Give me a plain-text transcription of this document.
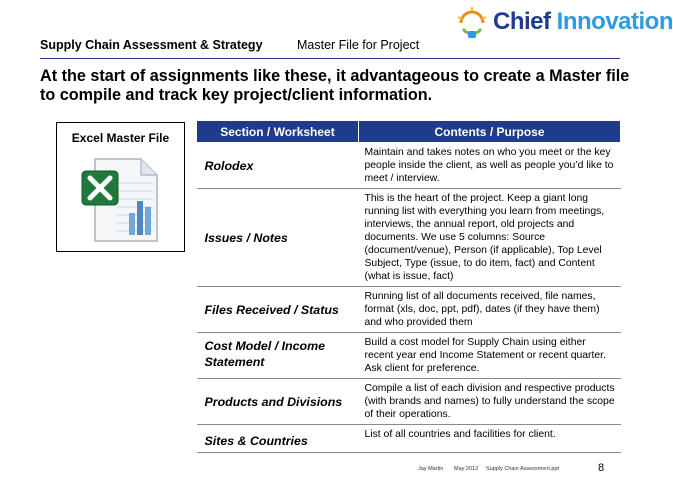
Supply Chain Assessment & Strategy	Master File for Project
Chief Innovation
At the start of assignments like these, it advantageous to create a Master file to compile and track key project/client information.
Excel Master File	Section / Worksheet	Contents / Purpose
Rolodex	Maintain and takes notes on who you meet or the key people inside the client, as well as people you’d like to meet / interview.
Issues / Notes	This is the heart of the project. Keep a giant long running list with everything you learn from meetings, interviews, the annual report, old projects and documents. We use 5 columns: Source (document/venue), Person (if applicable), Top Level Subject, Type (issue, to do item, fact) and Content (what is issue, fact)
Files Received / Status	Running list of all documents received, file names, format (xls, doc, ppt, pdf), dates (if they have them) and who provided them
Cost Model / Income Statement	Build a cost model for Supply Chain using either recent year end Income Statement or recent quarter. Ask client for preference.
Products and Divisions	Compile a list of each division and respective products (with brands and names) to fully understand the scope of their operations.
Sites & Countries	List of all countries and facilities for client.
Jay Martin May 2012 Supply Chain Assessment.ppt	8
